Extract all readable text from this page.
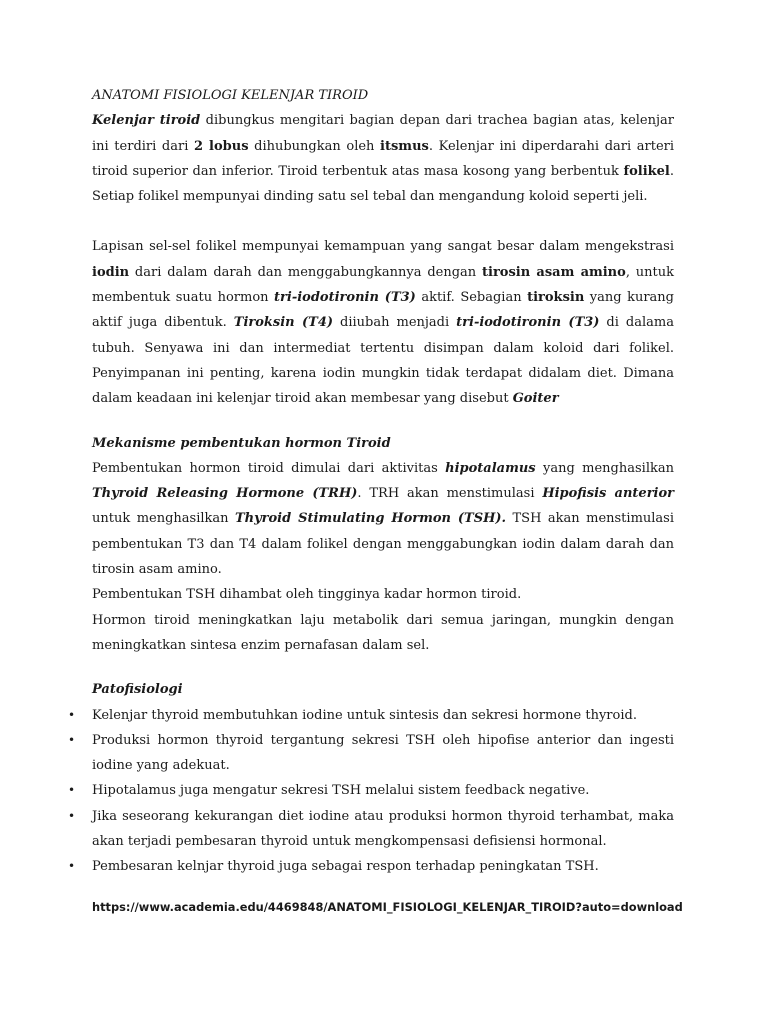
ANATOMI FISIOLOGI KELENJAR TIROID

Kelenjar tiroid dibungkus mengitari bagian depan dari trachea bagian atas, kelenjar ini terdiri dari 2 lobus dihubungkan oleh itsmus. Kelenjar ini diperdarahi dari arteri tiroid superior dan inferior. Tiroid terbentuk atas masa kosong yang berbentuk folikel. Setiap folikel mempunyai dinding satu sel tebal dan mengandung koloid seperti jeli.

Lapisan sel-sel folikel mempunyai kemampuan yang sangat besar dalam mengekstrasi iodin dari dalam darah dan menggabungkannya dengan tirosin asam amino, untuk membentuk suatu hormon tri-iodotironin (T3) aktif. Sebagian tiroksin yang kurang aktif juga dibentuk. Tiroksin (T4) diiubah menjadi tri-iodotironin (T3) di dalama tubuh. Senyawa ini dan intermediat tertentu disimpan dalam koloid dari folikel. Penyimpanan ini penting, karena iodin mungkin tidak terdapat didalam diet. Dimana dalam keadaan ini kelenjar tiroid akan membesar yang disebut Goiter

Mekanisme pembentukan hormon Tiroid

Pembentukan hormon tiroid dimulai dari aktivitas hipotalamus yang menghasilkan Thyroid Releasing Hormone (TRH). TRH akan menstimulasi Hipofisis anterior untuk menghasilkan Thyroid Stimulating Hormon (TSH). TSH akan menstimulasi pembentukan T3 dan T4 dalam folikel dengan menggabungkan iodin dalam darah dan tirosin asam amino.

Pembentukan TSH dihambat oleh tingginya kadar hormon tiroid.

Hormon tiroid meningkatkan laju metabolik dari semua jaringan, mungkin dengan meningkatkan sintesa enzim pernafasan dalam sel.

Patofisiologi
• Kelenjar thyroid membutuhkan iodine untuk sintesis dan sekresi hormone thyroid.
• Produksi hormon thyroid tergantung sekresi TSH oleh hipofise anterior dan ingesti iodine yang adekuat.
• Hipotalamus juga mengatur sekresi TSH melalui sistem feedback negative.
• Jika seseorang kekurangan diet iodine atau produksi hormon thyroid terhambat, maka akan terjadi pembesaran thyroid untuk mengkompensasi defisiensi hormonal.
• Pembesaran kelnjar thyroid juga sebagai respon terhadap peningkatan TSH.
https://www.academia.edu/4469848/ANATOMI_FISIOLOGI_KELENJAR_TIROID?auto=download
